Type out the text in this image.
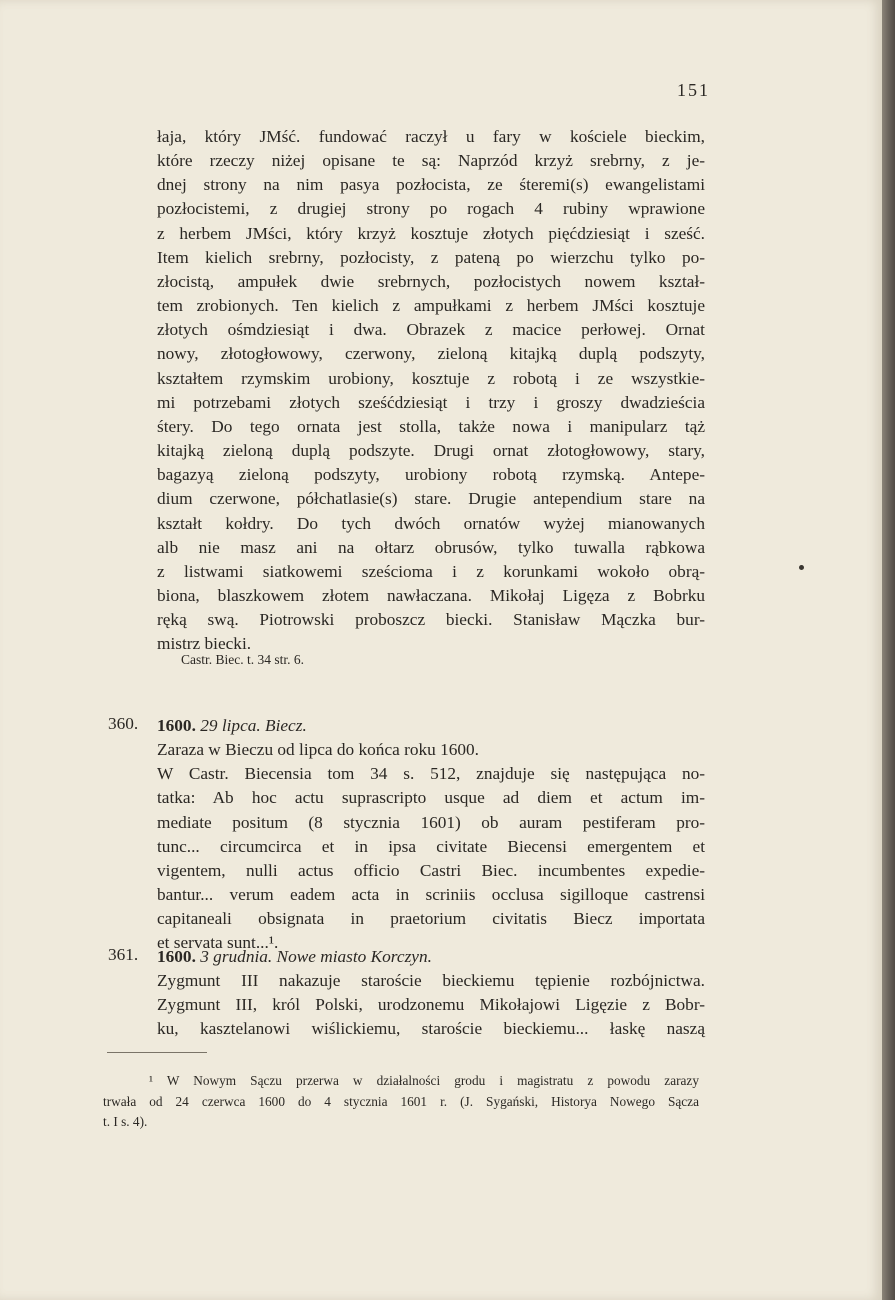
151
łaja, który JMść. fundować raczył u fary w kościele bieckim,
które rzeczy niżej opisane te są: Naprzód krzyż srebrny, z je-
dnej strony na nim pasya pozłocista, ze śteremi(s) ewangelistami
pozłocistemi, z drugiej strony po rogach 4 rubiny wprawione
z herbem JMści, który krzyż kosztuje złotych pięćdziesiąt i sześć.
Item kielich srebrny, pozłocisty, z pateną po wierzchu tylko po-
złocistą, ampułek dwie srebrnych, pozłocistych nowem kształ-
tem zrobionych. Ten kielich z ampułkami z herbem JMści kosztuje
złotych ośmdziesiąt i dwa. Obrazek z macice perłowej. Ornat
nowy, złotogłowowy, czerwony, zieloną kitajką duplą podszyty,
kształtem rzymskim urobiony, kosztuje z robotą i ze wszystkie-
mi potrzebami złotych sześćdziesiąt i trzy i groszy dwadzieścia
śtery. Do tego ornata jest stolla, także nowa i manipularz tąż
kitajką zieloną duplą podszyte. Drugi ornat złotogłowowy, stary,
bagazyą zieloną podszyty, urobiony robotą rzymską. Antepe-
dium czerwone, półchatlasie(s) stare. Drugie antependium stare na
kształt kołdry. Do tych dwóch ornatów wyżej mianowanych
alb nie masz ani na ołtarz obrusów, tylko tuwalla rąbkowa
z listwami siatkowemi sześcioma i z korunkami wokoło obrą-
biona, blaszkowem złotem nawłaczana. Mikołaj Ligęza z Bobrku
ręką swą. Piotrowski proboszcz biecki. Stanisław Mączka bur-
mistrz biecki.
Castr. Biec. t. 34 str. 6.
360. 1600. 29 lipca. Biecz.
Zaraza w Bieczu od lipca do końca roku 1600.
W Castr. Biecensia tom 34 s. 512, znajduje się następująca no-
tatka: Ab hoc actu suprascripto usque ad diem et actum im-
mediate positum (8 stycznia 1601) ob auram pestiferam pro-
tunc... circumcirca et in ipsa civitate Biecensi emergentem et
vigentem, nulli actus officio Castri Biec. incumbentes expedie-
bantur... verum eadem acta in scriniis occlusa sigilloque castrensi
capitaneali obsignata in praetorium civitatis Biecz importata
et servata sunt...¹.
361. 1600. 3 grudnia. Nowe miasto Korczyn.
Zygmunt III nakazuje staroście bieckiemu tępienie rozbójnictwa.
Zygmunt III, król Polski, urodzonemu Mikołajowi Ligęzie z Bobr-
ku, kasztelanowi wiślickiemu, staroście bieckiemu... łaskę naszą
¹ W Nowym Sączu przerwa w działalności grodu i magistratu z powodu zarazy
trwała od 24 czerwca 1600 do 4 stycznia 1601 r. (J. Sygański, Historya Nowego Sącza
t. I s. 4).
